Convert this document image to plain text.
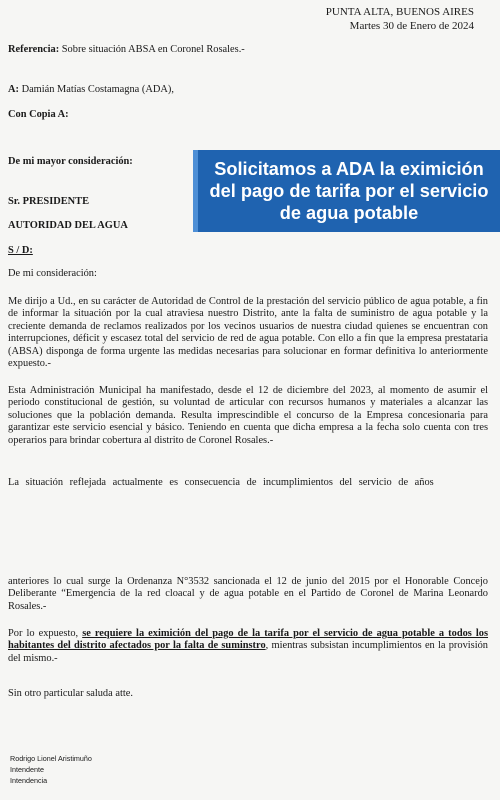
PUNTA ALTA, BUENOS AIRES
Martes 30 de Enero de 2024
Referencia: Sobre situación ABSA en Coronel Rosales.-
A: Damián Matías Costamagna (ADA),
Con Copia A:
De mi mayor consideración:	Solicitamos a ADA la eximición del pago de tarifa por el servicio de agua potable
Sr. PRESIDENTE
AUTORIDAD DEL AGUA
S / D:
De mi consideración:
Me dirijo a Ud., en su carácter de Autoridad de Control de la prestación del servicio público de agua potable, a fin de informar la situación por la cual atraviesa nuestro Distrito, ante la falta de suministro de agua potable y la creciente demanda de reclamos realizados por los vecinos usuarios de nuestra ciudad quienes se encuentran con interrupciones, déficit y escasez total del servicio de red de agua potable. Con ello a fin que la empresa prestataria (ABSA) disponga de forma urgente las medidas necesarias para solucionar en formar definitiva lo anteriormente expuesto.-
Esta Administración Municipal ha manifestado, desde el 12 de diciembre del 2023, al momento de asumir el periodo constitucional de gestión, su voluntad de articular con recursos humanos y materiales a alcanzar las soluciones que la población demanda. Resulta imprescindible el concurso de la Empresa concesionaria para garantizar este servicio esencial y básico. Teniendo en cuenta que dicha empresa a la fecha solo cuenta con tres operarios para brindar cobertura al distrito de Coronel Rosales.-
La situación reflejada actualmente es consecuencia de incumplimientos del servicio de años
anteriores lo cual surge la Ordenanza N°3532 sancionada el 12 de junio del 2015 por el Honorable Concejo Deliberante “Emergencia de la red cloacal y de agua potable en el Partido de Coronel de Marina Leonardo Rosales.-
Por lo expuesto, se requiere la eximición del pago de la tarifa por el servicio de agua potable a todos los habitantes del distrito afectados por la falta de suminstro, mientras subsistan incumplimientos en la provisión del mismo.-
Sin otro particular saluda atte.
Rodrigo Lionel Aristimuño
Intendente
Intendencia
